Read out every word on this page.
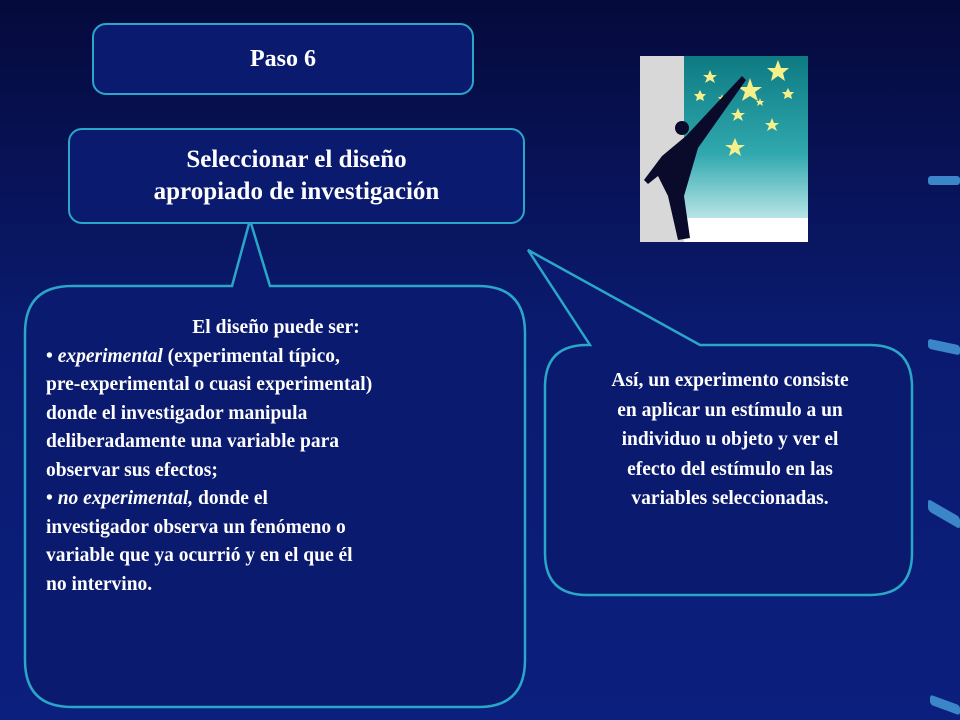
Paso 6
Seleccionar el diseño
apropiado de investigación
El diseño puede ser:
• experimental (experimental típico,
pre-experimental o cuasi experimental)
donde el investigador manipula
deliberadamente una variable para
observar sus efectos;
• no experimental, donde el
investigador observa un fenómeno o
variable que ya ocurrió y en el que él
no intervino.
Así, un experimento consiste
en aplicar un estímulo a un
individuo u objeto y ver el
efecto del estímulo en las
variables seleccionadas.
